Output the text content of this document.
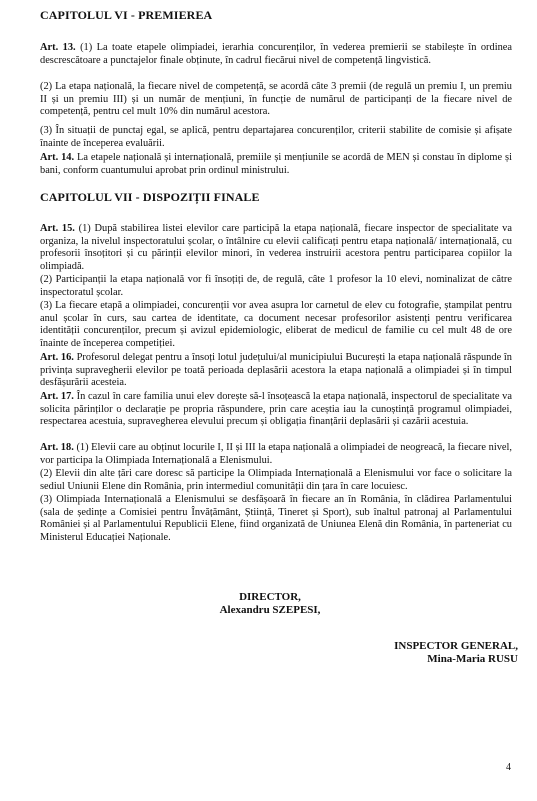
CAPITOLUL VI - PREMIEREA
Art. 13. (1) La toate etapele olimpiadei, ierarhia concurenților, în vederea premierii se stabilește în ordinea descrescătoare a punctajelor finale obținute, în cadrul fiecărui nivel de competență lingvistică.
(2) La etapa națională, la fiecare nivel de competență, se acordă câte 3 premii (de regulă un premiu I, un premiu II și un premiu III) și un număr de mențiuni, în funcție de numărul de participanți de la fiecare nivel de competență, pentru cel mult 10% din numărul acestora.
(3) În situații de punctaj egal, se aplică, pentru departajarea concurenților, criterii stabilite de comisie și afișate înainte de începerea evaluării.
Art. 14. La etapele națională și internațională, premiile și mențiunile se acordă de MEN și constau în diplome și bani, conform cuantumului aprobat prin ordinul ministrului.
CAPITOLUL VII - DISPOZIȚII FINALE
Art. 15. (1) După stabilirea listei elevilor care participă la etapa națională, fiecare inspector de specialitate va organiza, la nivelul inspectoratului școlar, o întâlnire cu elevii calificați pentru etapa națională/ internațională, cu profesorii însoțitori și cu părinții elevilor minori, în vederea instruirii acestora pentru participarea copiilor la olimpiadă.
(2) Participanții la etapa națională vor fi însoțiți de, de regulă, câte 1 profesor la 10 elevi, nominalizat de către inspectoratul școlar.
(3) La fiecare etapă a olimpiadei, concurenții vor avea asupra lor carnetul de elev cu fotografie, ștampilat pentru anul școlar în curs, sau cartea de identitate, ca document necesar profesorilor asistenți pentru verificarea identității concurenților, precum și avizul epidemiologic, eliberat de medicul de familie cu cel mult 48 de ore înainte de începerea competiției.
Art. 16. Profesorul delegat pentru a însoți lotul județului/al municipiului București la etapa națională răspunde în privința supravegherii elevilor pe toată perioada deplasării acestora la etapa națională a olimpiadei și în timpul desfășurării acesteia.
Art. 17. În cazul în care familia unui elev dorește să-l însoțească la etapa națională, inspectorul de specialitate va solicita părinților o declarație pe propria răspundere, prin care aceștia iau la cunoștință programul olimpiadei, respectarea acestuia, supravegherea elevului precum și obligația finanțării deplasării și cazării acestuia.
Art. 18. (1) Elevii care au obținut locurile I, II și III la etapa națională a olimpiadei de neogreacă, la fiecare nivel, vor participa la Olimpiada Internațională a Elenismului.
(2) Elevii din alte țări care doresc să participe la Olimpiada Internațională a Elenismului vor face o solicitare la sediul Uniunii Elene din România, prin intermediul comunității din țara în care locuiesc.
(3) Olimpiada Internațională a Elenismului se desfășoară în fiecare an în România, în clădirea Parlamentului (sala de ședințe a Comisiei pentru Învățământ, Știință, Tineret și Sport), sub înaltul patronaj al Parlamentului României și al Parlamentului Republicii Elene, fiind organizată de Uniunea Elenă din România, în parteneriat cu Ministerul Educației Naționale.
DIRECTOR,
Alexandru SZEPESI,
INSPECTOR GENERAL,
Mina-Maria RUSU
4
